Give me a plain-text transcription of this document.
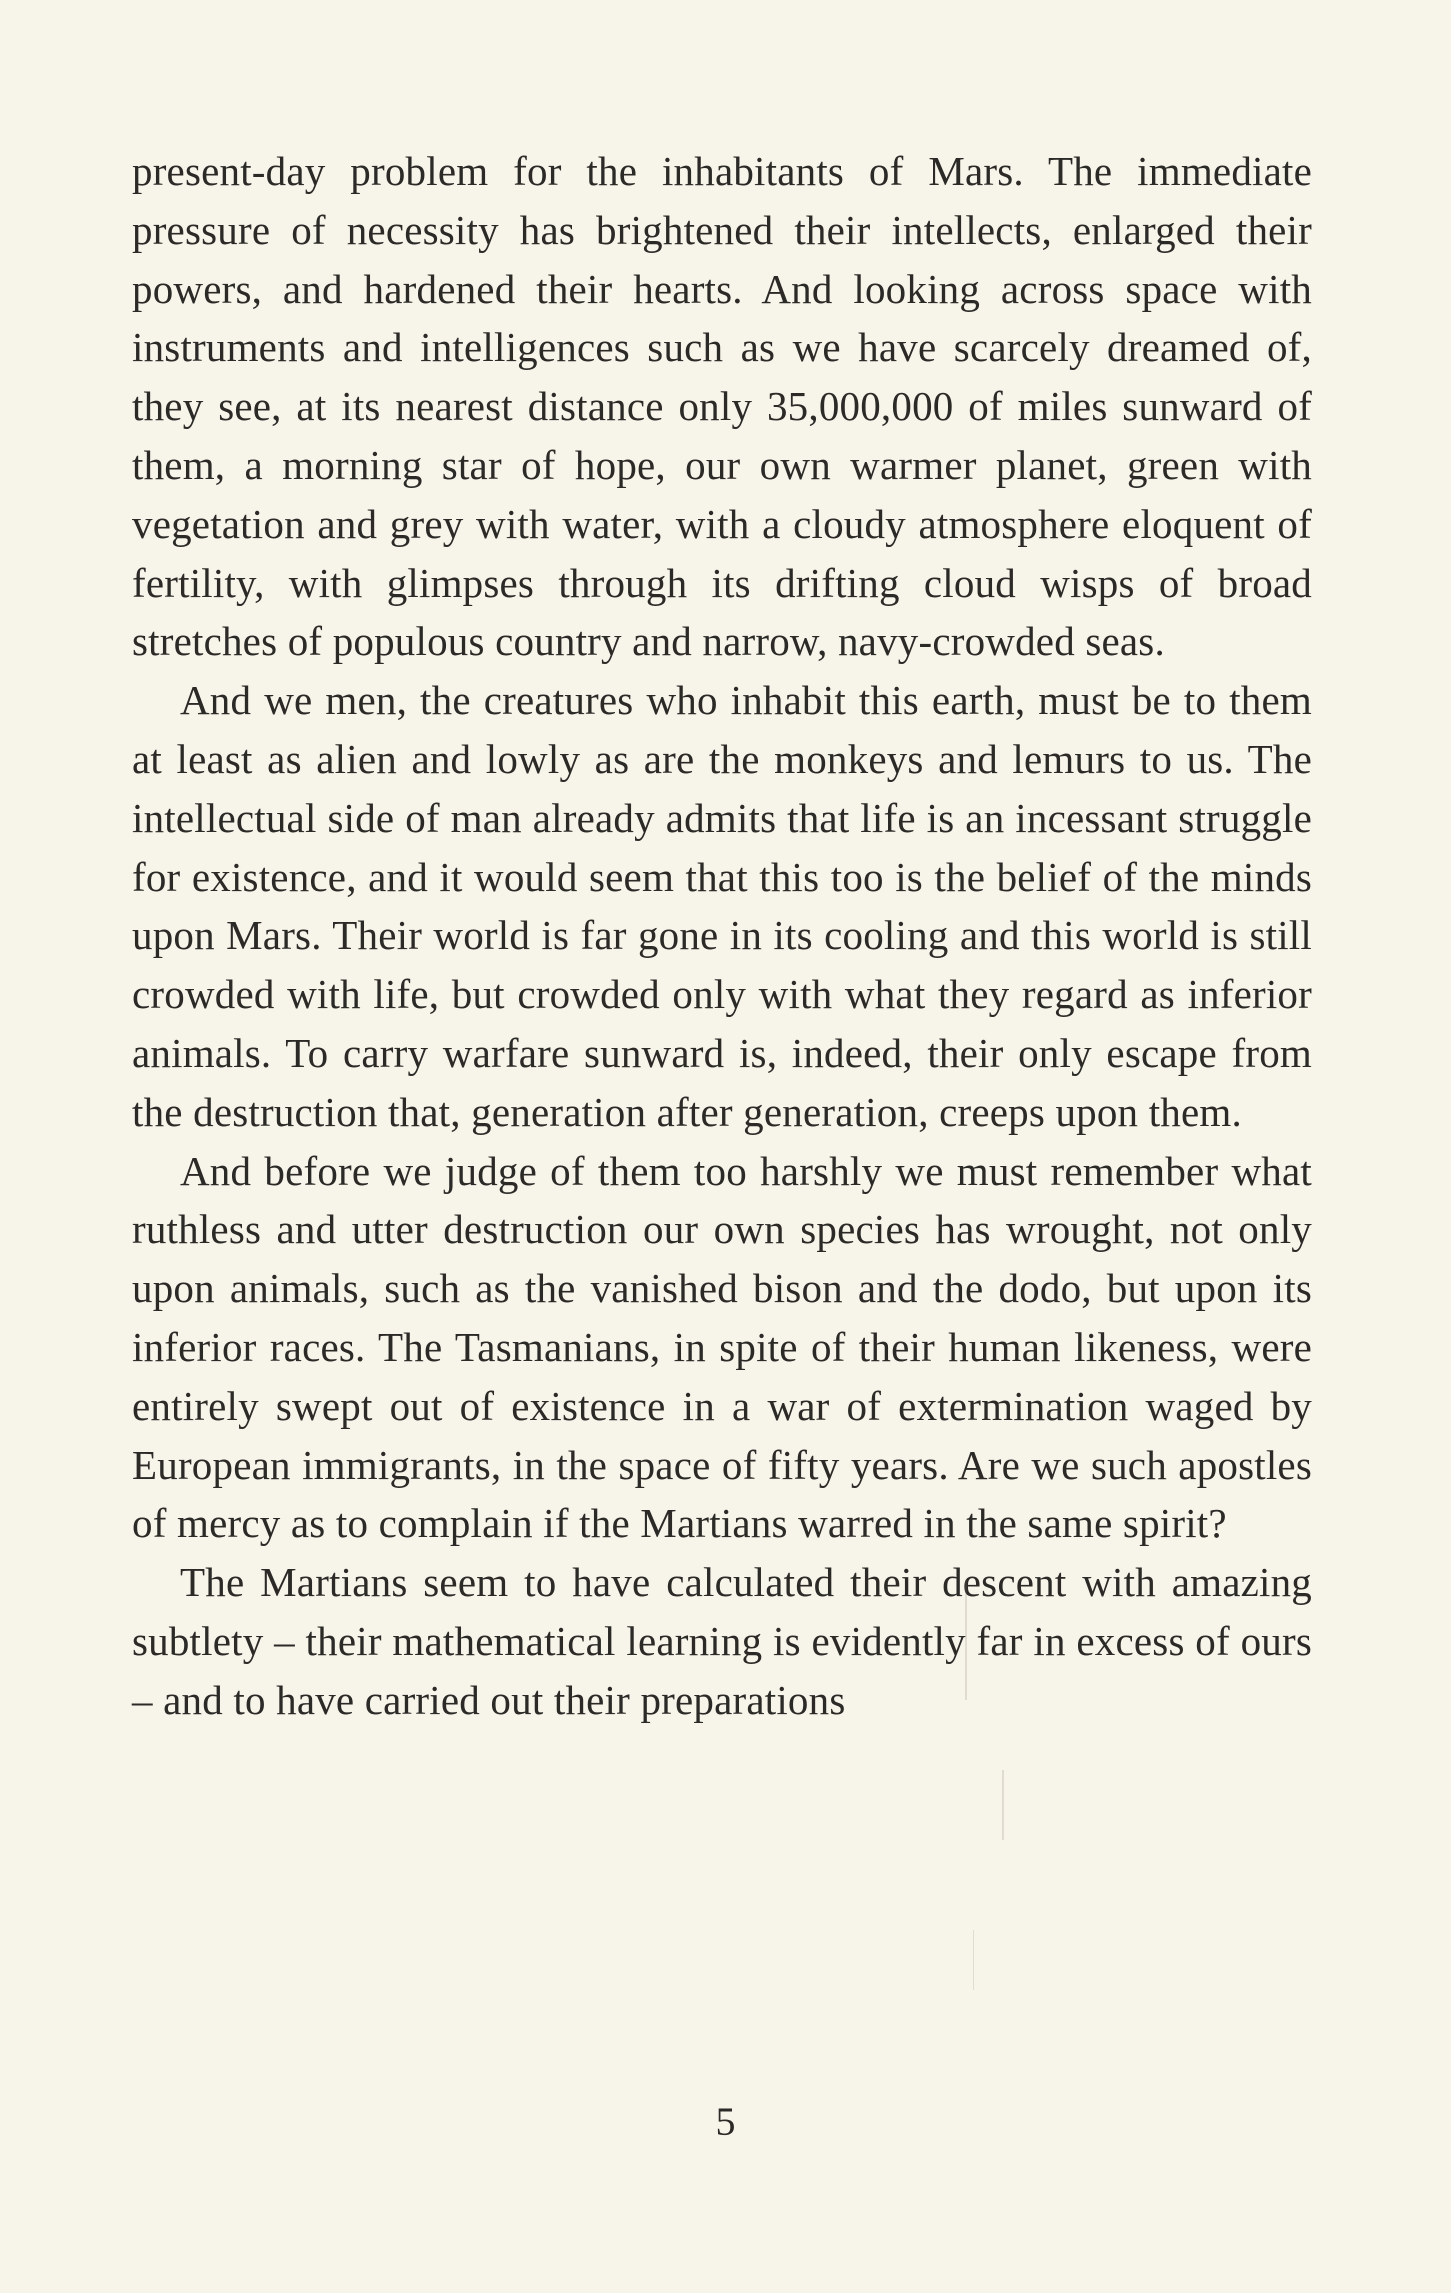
present-day problem for the inhabitants of Mars. The immediate pressure of necessity has brightened their intellects, enlarged their powers, and hardened their hearts. And looking across space with instruments and intelligences such as we have scarcely dreamed of, they see, at its nearest distance only 35,000,000 of miles sunward of them, a morning star of hope, our own warmer planet, green with vegetation and grey with water, with a cloudy atmosphere eloquent of fertility, with glimpses through its drifting cloud wisps of broad stretches of populous country and narrow, navy-crowded seas.

And we men, the creatures who inhabit this earth, must be to them at least as alien and lowly as are the monkeys and lemurs to us. The intellectual side of man already admits that life is an incessant struggle for existence, and it would seem that this too is the belief of the minds upon Mars. Their world is far gone in its cooling and this world is still crowded with life, but crowded only with what they regard as inferior animals. To carry warfare sunward is, indeed, their only escape from the destruction that, generation after generation, creeps upon them.

And before we judge of them too harshly we must remember what ruthless and utter destruction our own species has wrought, not only upon animals, such as the vanished bison and the dodo, but upon its inferior races. The Tasmanians, in spite of their human likeness, were entirely swept out of existence in a war of extermination waged by European immigrants, in the space of fifty years. Are we such apostles of mercy as to complain if the Martians warred in the same spirit?

The Martians seem to have calculated their descent with amazing subtlety – their mathematical learning is evidently far in excess of ours – and to have carried out their preparations

5
